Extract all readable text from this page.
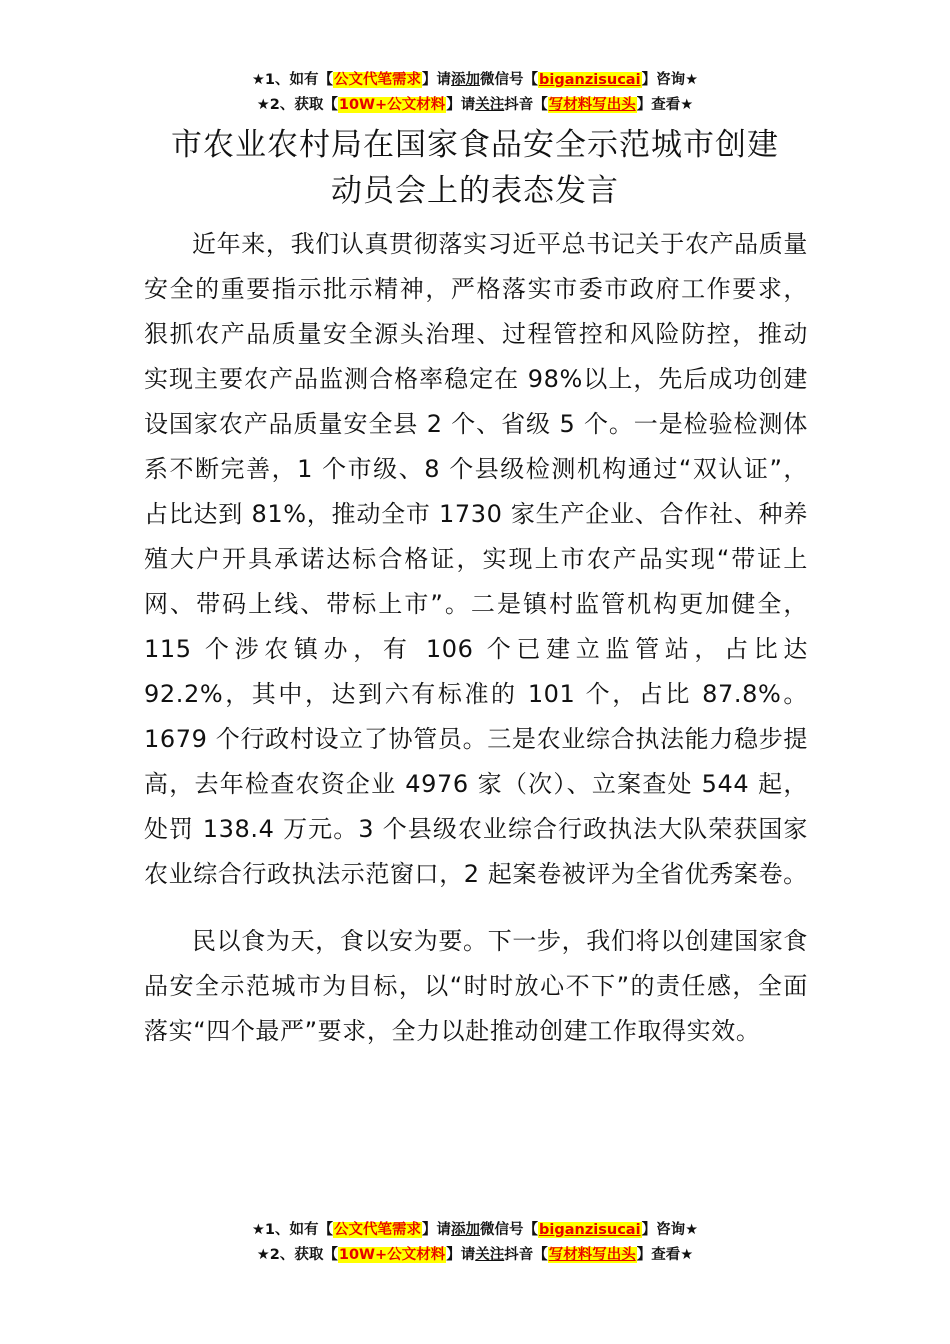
★1、如有【公文代笔需求】请添加微信号【biganzisucai】咨询★
★2、获取【10W+公文材料】请关注抖音【写材料写出头】查看★
市农业农村局在国家食品安全示范城市创建
动员会上的表态发言

近年来，我们认真贯彻落实习近平总书记关于农产品质量安全的重要指示批示精神，严格落实市委市政府工作要求，狠抓农产品质量安全源头治理、过程管控和风险防控，推动实现主要农产品监测合格率稳定在 98%以上，先后成功创建设国家农产品质量安全县 2 个、省级 5 个。一是检验检测体系不断完善，1 个市级、8 个县级检测机构通过“双认证”，占比达到 81%，推动全市 1730 家生产企业、合作社、种养殖大户开具承诺达标合格证，实现上市农产品实现“带证上网、带码上线、带标上市”。二是镇村监管机构更加健全，115 个涉农镇办，有 106 个已建立监管站，占比达 92.2%，其中，达到六有标准的 101 个，占比 87.8%。1679 个行政村设立了协管员。三是农业综合执法能力稳步提高，去年检查农资企业 4976 家（次）、立案查处 544 起，处罚 138.4 万元。3 个县级农业综合行政执法大队荣获国家农业综合行政执法示范窗口，2 起案卷被评为全省优秀案卷。

民以食为天，食以安为要。下一步，我们将以创建国家食品安全示范城市为目标，以“时时放心不下”的责任感，全面落实“四个最严”要求，全力以赴推动创建工作取得实效。

★1、如有【公文代笔需求】请添加微信号【biganzisucai】咨询★
★2、获取【10W+公文材料】请关注抖音【写材料写出头】查看★
